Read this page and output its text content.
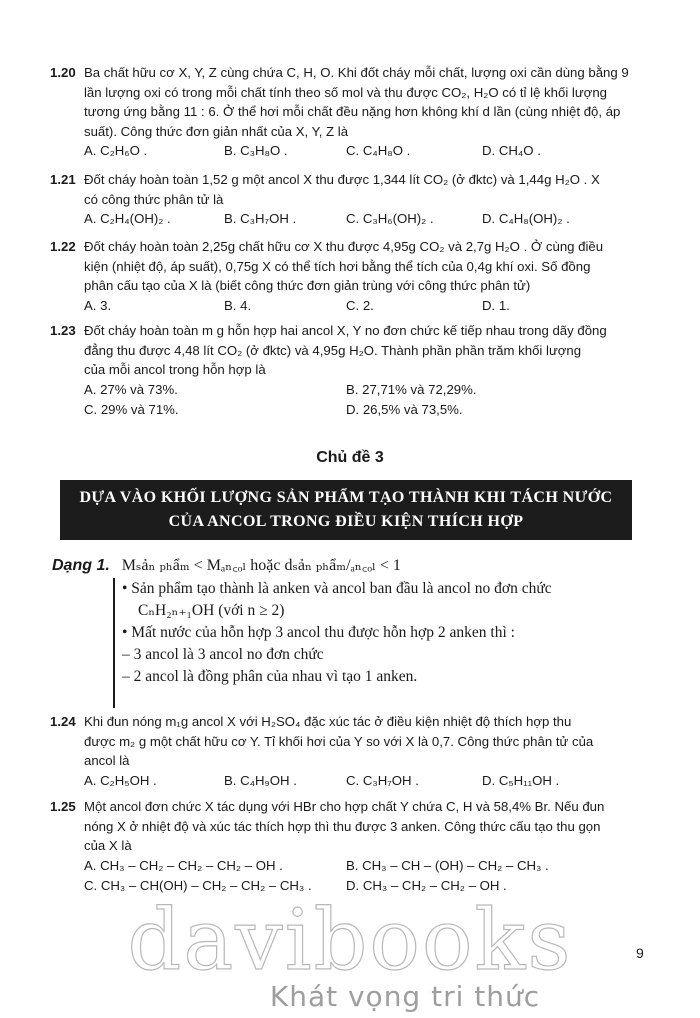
1.20 Ba chất hữu cơ X, Y, Z cùng chứa C, H, O. Khi đốt cháy mỗi chất, lượng oxi cần dùng bằng 9
lần lượng oxi có trong mỗi chất tính theo số mol và thu được CO₂, H₂O có tỉ lệ khối lượng
tương ứng bằng 11 : 6. Ở thể hơi mỗi chất đều nặng hơn không khí d lần (cùng nhiệt độ, áp
suất). Công thức đơn giản nhất của X, Y, Z là
A. C₂H₆O .	B. C₃H₈O .	C. C₄H₈O .	D. CH₄O .
1.21 Đốt cháy hoàn toàn 1,52 g một ancol X thu được 1,344 lít CO₂ (ở đktc) và 1,44g H₂O . X
có công thức phân tử là
A. C₂H₄(OH)₂ .	B. C₃H₇OH .	C. C₃H₆(OH)₂ .	D. C₄H₈(OH)₂ .
1.22 Đốt cháy hoàn toàn 2,25g chất hữu cơ X thu được 4,95g CO₂ và 2,7g H₂O . Ở cùng điều
kiện (nhiệt độ, áp suất), 0,75g X có thể tích hơi bằng thể tích của 0,4g khí oxi. Số đồng
phân cấu tạo của X là (biết công thức đơn giản trùng với công thức phân tử)
A. 3.	B. 4.	C. 2.	D. 1.
1.23 Đốt cháy hoàn toàn m g hỗn hợp hai ancol X, Y no đơn chức kế tiếp nhau trong dãy đồng
đẳng thu được 4,48 lít CO₂ (ở đktc) và 4,95g H₂O. Thành phần phần trăm khối lượng
của mỗi ancol trong hỗn hợp là
A. 27% và 73%.	B. 27,71% và 72,29%.
C. 29% và 71%.	D. 26,5% và 73,5%.
Chủ đề 3
DỰA VÀO KHỐI LƯỢNG SẢN PHẨM TẠO THÀNH KHI TÁCH NƯỚC
CỦA ANCOL TRONG ĐIỀU KIỆN THÍCH HỢP
Dạng 1. Mₛảₙ ₚₕẩₘ < Mₐₙ꜀ₒₗ hoặc dₛảₙ ₚₕẩₘ/ₐₙ꜀ₒₗ < 1
• Sản phẩm tạo thành là anken và ancol ban đầu là ancol no đơn chức
CₙH₂ₙ₊₁OH (với n ≥ 2)
• Mất nước của hỗn hợp 3 ancol thu được hỗn hợp 2 anken thì :
– 3 ancol là 3 ancol no đơn chức
– 2 ancol là đồng phân của nhau vì tạo 1 anken.
1.24 Khi đun nóng m₁g ancol X với H₂SO₄ đặc xúc tác ở điều kiện nhiệt độ thích hợp thu
được m₂ g một chất hữu cơ Y. Tỉ khối hơi của Y so với X là 0,7. Công thức phân tử của
ancol là
A. C₂H₅OH .	B. C₄H₉OH .	C. C₃H₇OH .	D. C₅H₁₁OH .
1.25 Một ancol đơn chức X tác dụng với HBr cho hợp chất Y chứa C, H và 58,4% Br. Nếu đun
nóng X ở nhiệt độ và xúc tác thích hợp thì thu được 3 anken. Công thức cấu tạo thu gọn
của X là
A. CH₃ – CH₂ – CH₂ – CH₂ – OH .	B. CH₃ – CH – (OH) – CH₂ – CH₃ .
C. CH₃ – CH(OH) – CH₂ – CH₂ – CH₃ .	D. CH₃ – CH₂ – CH₂ – OH .
9
davibooks
Khát vọng tri thức
